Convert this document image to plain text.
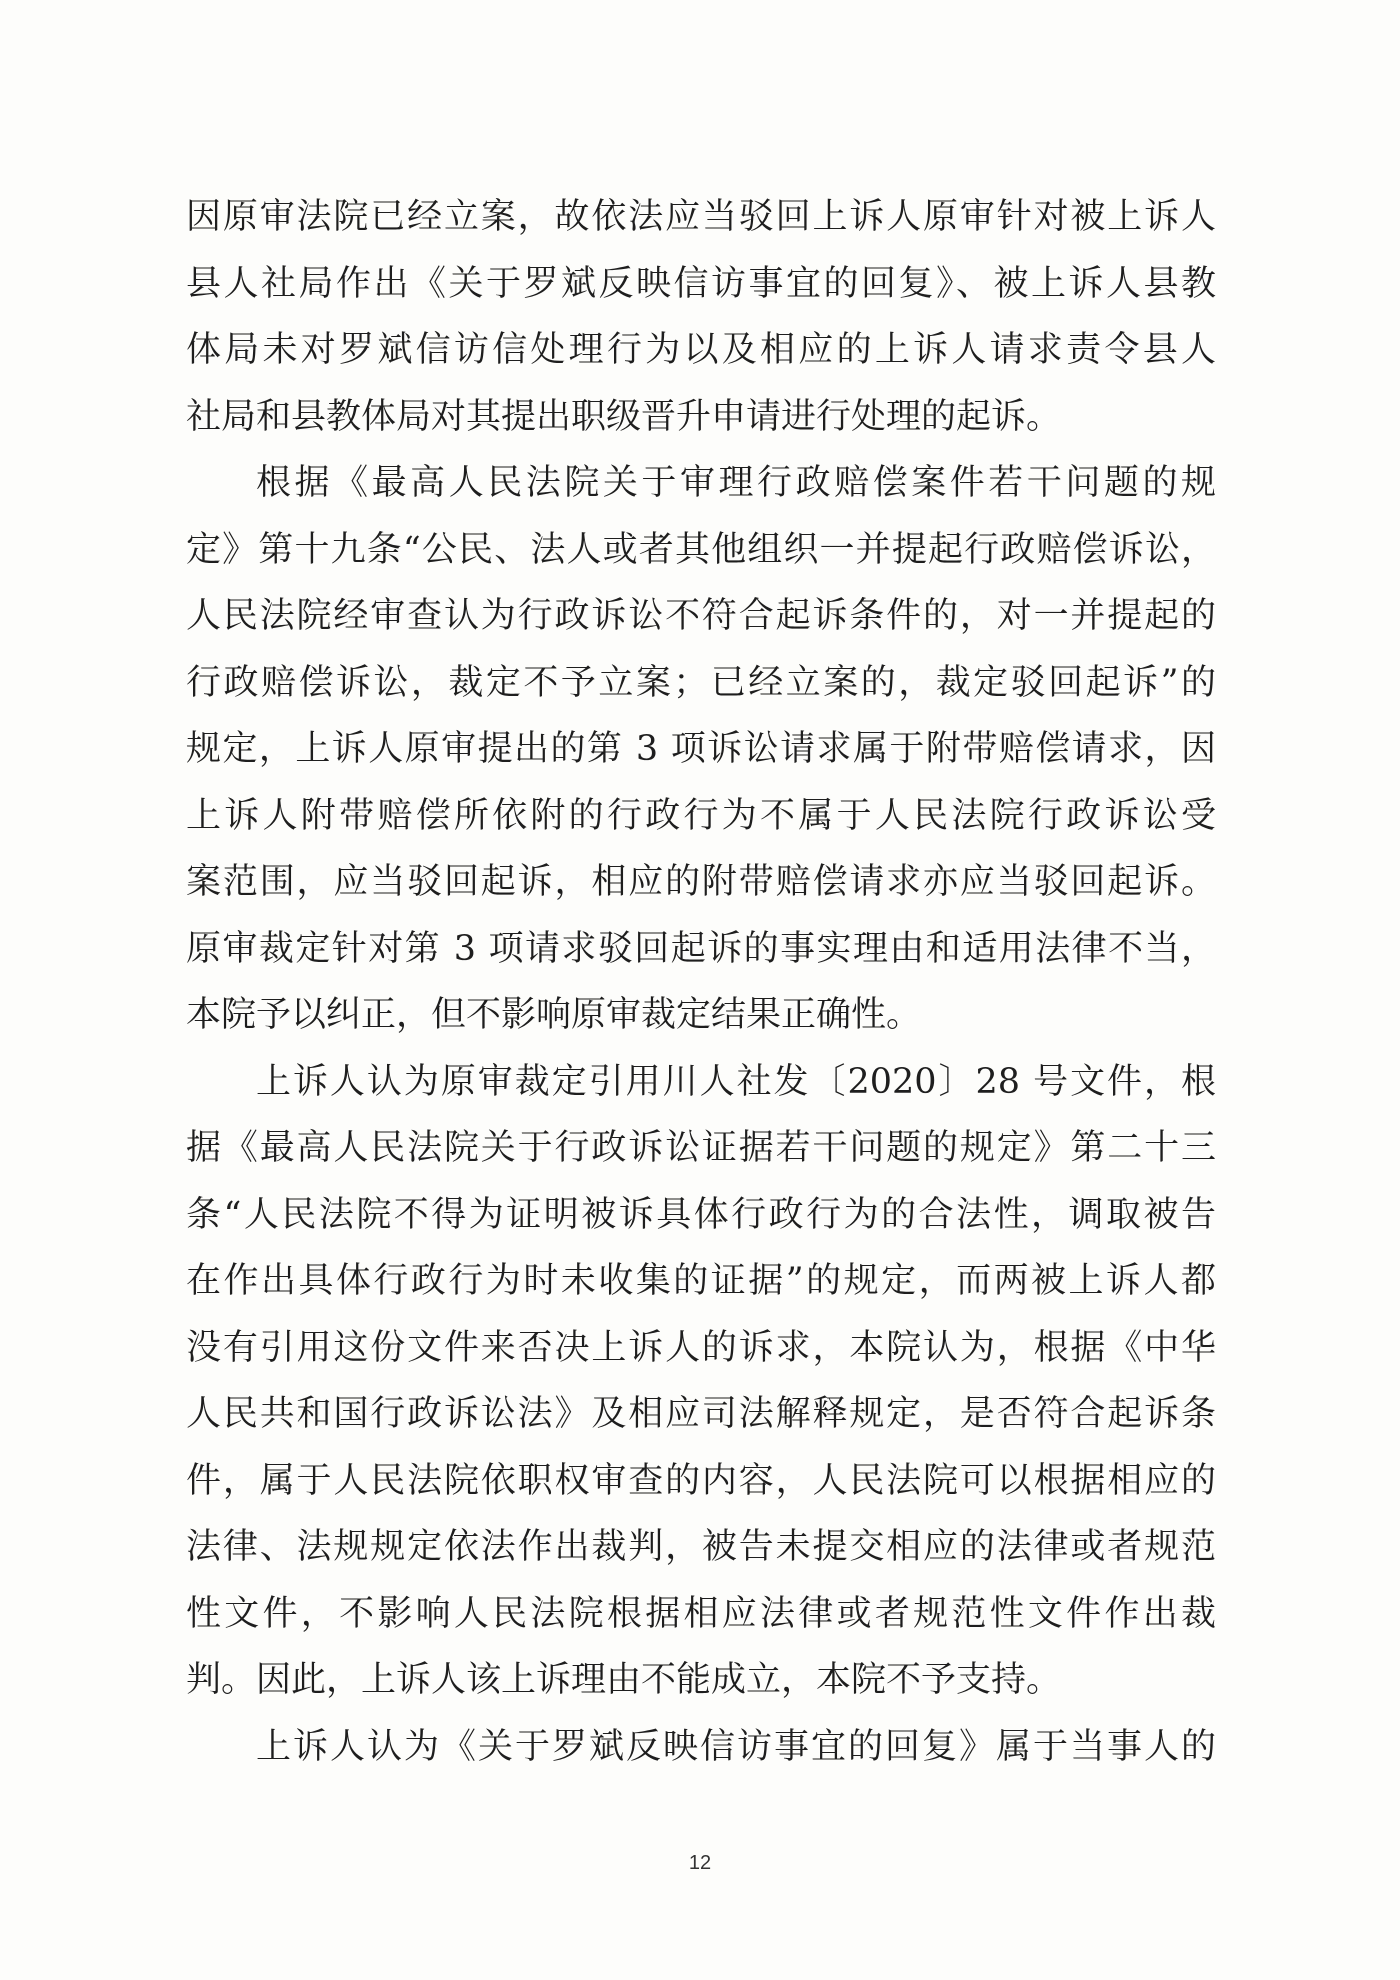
因原审法院已经立案，故依法应当驳回上诉人原审针对被上诉人
县人社局作出《关于罗斌反映信访事宜的回复》、被上诉人县教
体局未对罗斌信访信处理行为以及相应的上诉人请求责令县人
社局和县教体局对其提出职级晋升申请进行处理的起诉。
根据《最高人民法院关于审理行政赔偿案件若干问题的规
定》第十九条“公民、法人或者其他组织一并提起行政赔偿诉讼，
人民法院经审查认为行政诉讼不符合起诉条件的，对一并提起的
行政赔偿诉讼，裁定不予立案；已经立案的，裁定驳回起诉”的
规定，上诉人原审提出的第 3 项诉讼请求属于附带赔偿请求，因
上诉人附带赔偿所依附的行政行为不属于人民法院行政诉讼受
案范围，应当驳回起诉，相应的附带赔偿请求亦应当驳回起诉。
原审裁定针对第 3 项请求驳回起诉的事实理由和适用法律不当，
本院予以纠正，但不影响原审裁定结果正确性。
上诉人认为原审裁定引用川人社发〔2020〕28 号文件，根
据《最高人民法院关于行政诉讼证据若干问题的规定》第二十三
条“人民法院不得为证明被诉具体行政行为的合法性，调取被告
在作出具体行政行为时未收集的证据”的规定，而两被上诉人都
没有引用这份文件来否决上诉人的诉求，本院认为，根据《中华
人民共和国行政诉讼法》及相应司法解释规定，是否符合起诉条
件，属于人民法院依职权审查的内容，人民法院可以根据相应的
法律、法规规定依法作出裁判，被告未提交相应的法律或者规范
性文件，不影响人民法院根据相应法律或者规范性文件作出裁
判。因此，上诉人该上诉理由不能成立，本院不予支持。
上诉人认为《关于罗斌反映信访事宜的回复》属于当事人的
12
